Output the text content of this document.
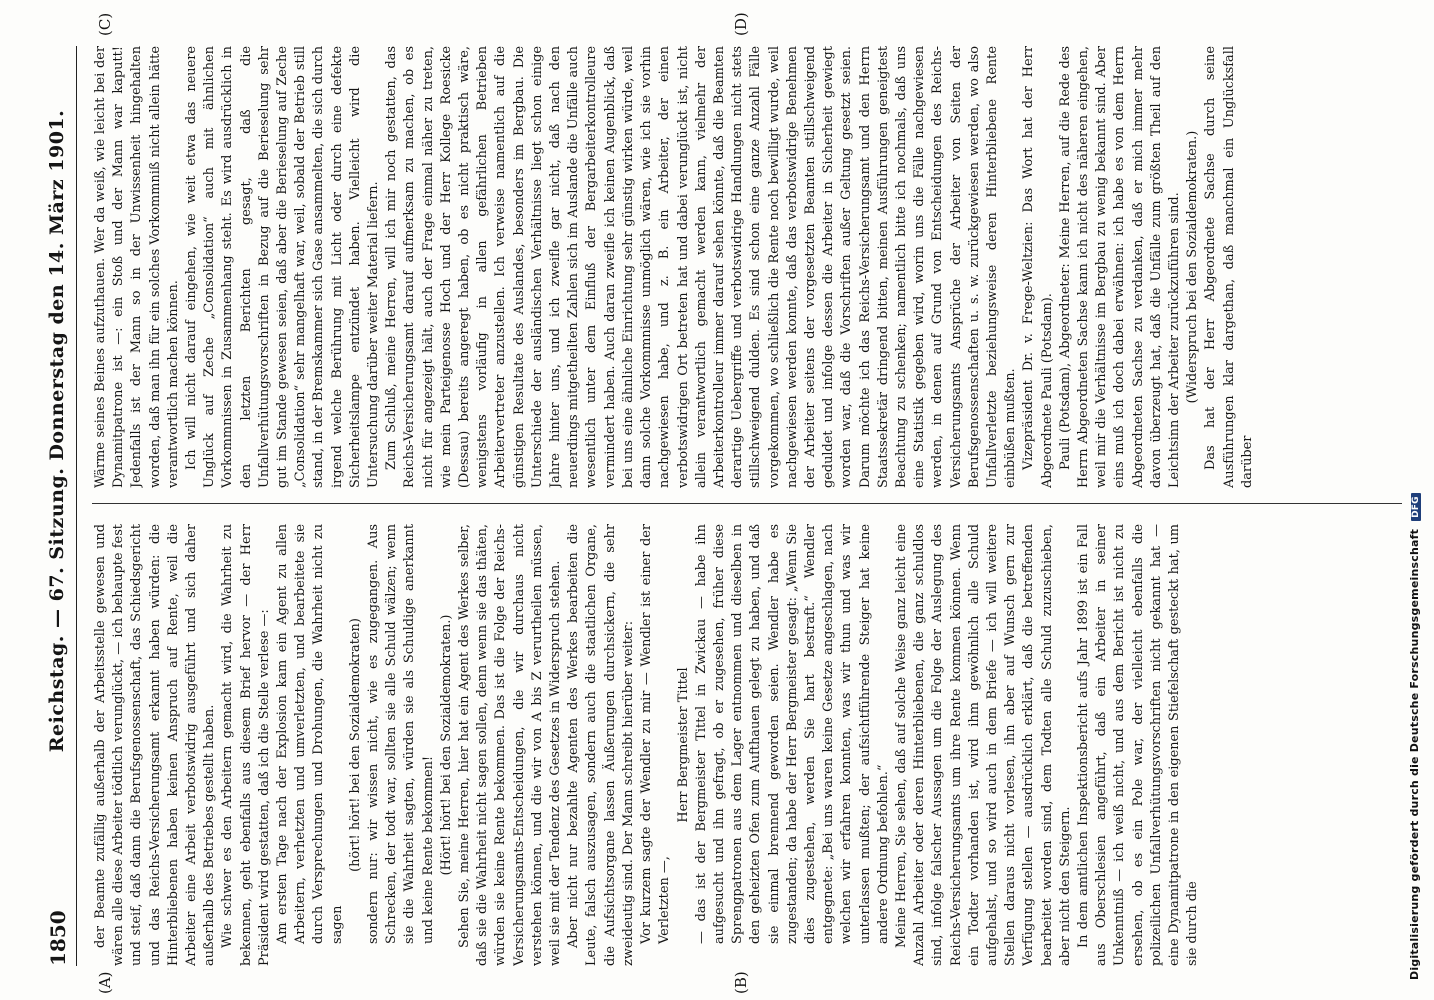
1850
Reichstag. — 67. Sitzung. Donnerstag den 14. März 1901.
(A)	(B)
(C)	(D)

der Beamte zufällig außerhalb der Arbeitsstelle gewesen und wären alle diese Arbeiter tödtlich verunglückt, — ich behaupte fest und steif, daß dann die Berufsgenossenschaft, das Schiedsgericht und das Reichs-Versicherungsamt erkannt haben würden: die Hinterbliebenen haben keinen Anspruch auf Rente, weil die Arbeiter eine Arbeit verbotswidrig ausgeführt und sich daher außerhalb des Betriebes gestellt haben. Wie schwer es den Arbeitern gemacht wird, die Wahrheit zu bekennen, geht ebenfalls aus diesem Brief hervor — der Herr Präsident wird gestatten, daß ich die Stelle verlese —: Am ersten Tage nach der Explosion kam ein Agent zu allen Arbeitern, verhetzten und umverletzten, und bearbeitete sie durch Versprechungen und Drohungen, die Wahrheit nicht zu sagen

(hört! hört! bei den Sozialdemokraten) sondern nur: wir wissen nicht, wie es zugegangen. Aus Schrecken, der todt war, sollten sie alle Schuld wälzen; wenn sie die Wahrheit sagten, würden sie als Schuldige anerkannt und keine Rente bekommen! (Hört! hört! bei den Sozialdemokraten.) Sehen Sie, meine Herren, hier hat ein Agent des Werkes selber, daß sie die Wahrheit nicht sagen sollen, denn wenn sie das thäten, würden sie keine Rente bekommen. Das ist die Folge der Reichs-Versicherungsamts-Entscheidungen, die wir durchaus nicht verstehen können, und die wir von A bis Z verurtheilen müssen, weil sie mit der Tendenz des Gesetzes in Widerspruch stehen. Aber nicht nur bezahlte Agenten des Werkes bearbeiten die Leute, falsch auszusagen, sondern auch die staatlichen Organe, die Aufsichtsorgane lassen Äußerungen durchsickern, die sehr zweideutig sind. Der Mann schreibt hierüber weiter: Vor kurzem sagte der Wendler zu mir — Wendler ist einer der Verletzten —,

Herr Bergmeister Tittel — das ist der Bergmeister Tittel in Zwickau — habe ihn aufgesucht und ihn gefragt, ob er zugesehen, früher diese Sprengpatronen aus dem Lager entnommen und dieselben in den geheizten Ofen zum Aufthauen gelegt zu haben, und daß sie einmal brennend geworden seien. Wendler habe es zugestanden; da habe der Herr Bergmeister gesagt: „Wenn Sie dies zugestehen, werden Sie hart bestraft.“ Wendler entgegnete: „Bei uns waren keine Gesetze angeschlagen, nach welchen wir erfahren konnten, was wir thun und was wir unterlassen mußten; der aufsichtführende Steiger hat keine andere Ordnung befohlen.“ Meine Herren, Sie sehen, daß auf solche Weise ganz leicht eine Anzahl Arbeiter oder deren Hinterbliebenen, die ganz schuldlos sind, infolge falscher Aussagen um die Folge der Auslegung des Reichs-Versicherungsamts um ihre Rente kommen können. Wenn ein Todter vorhanden ist, wird ihm gewöhnlich alle Schuld aufgehalst, und so wird auch in dem Briefe — ich will weitere Stellen daraus nicht vorlesen, ihn aber auf Wunsch gern zur Verfügung stellen — ausdrücklich erklärt, daß die betreffenden bearbeitet worden sind, dem Todten alle Schuld zuzuschieben, aber nicht den Steigern. In dem amtlichen Inspektionsbericht aufs Jahr 1899 ist ein Fall aus Oberschlesien angeführt, daß ein Arbeiter in seiner Unkenntniß — ich weiß nicht, und aus dem Bericht ist nicht zu ersehen, ob es ein Pole war, der vielleicht ebenfalls die polizeilichen Unfallverhütungsvorschriften nicht gekannt hat — eine Dynamitpatrone in den eigenen Stiefelschaft gesteckt hat, um sie durch die

Wärme seines Beines aufzuthauen. Wer da weiß, wie leicht bei der Dynamitpatrone ist —: ein Stoß und der Mann war kaputt! Jedenfalls ist der Mann so in der Unwissenheit hingehalten worden, daß man ihn für ein solches Vorkommniß nicht allein hätte verantwortlich machen können. Ich will nicht darauf eingehen, wie weit etwa das neuere Unglück auf Zeche „Consolidation“ auch mit ähnlichen Vorkommnissen in Zusammenhang steht. Es wird ausdrücklich in den letzten Berichten gesagt, daß die Unfallverhütungsvorschriften in Bezug auf die Berieselung sehr gut im Stande gewesen seien, daß aber die Berieselung auf Zeche „Consolidation“ sehr mangelhaft war, weil, sobald der Betrieb still stand, in der Bremskammer sich Gase ansammelten, die sich durch irgend welche Berührung mit Licht oder durch eine defekte Sicherheitslampe entzündet haben. Vielleicht wird die Untersuchung darüber weiter Material liefern. Zum Schluß, meine Herren, will ich mir noch gestatten, das Reichs-Versicherungsamt darauf aufmerksam zu machen, ob es nicht für angezeigt hält, auch der Frage einmal näher zu treten, wie mein Parteigenosse Hoch und der Herr Kollege Roesicke (Dessau) bereits angeregt haben, ob es nicht praktisch wäre, wenigstens vorläufig in allen gefährlichen Betrieben Arbeitervertreter anzustellen. Ich verweise namentlich auf die günstigen Resultate des Auslandes, besonders im Bergbau. Die Unterschiede der ausländischen Verhältnisse liegt schon einige Jahre hinter uns, und ich zweifle gar nicht, daß nach den neuerdings mitgetheilten Zahlen sich im Auslande die Unfälle auch wesentlich unter dem Einfluß der Bergarbeiterkontrolleure vermindert haben. Auch daran zweifle ich keinen Augenblick, daß bei uns eine ähnliche Einrichtung sehr günstig wirken würde, weil dann solche Vorkommnisse unmöglich wären, wie ich sie vorhin nachgewiesen habe, und z. B. ein Arbeiter, der einen verbotswidrigen Ort betreten hat und dabei verunglückt ist, nicht allein verantwortlich gemacht werden kann, vielmehr der Arbeiterkontrolleur immer darauf sehen könnte, daß die Beamten derartige Uebergriffe und verbotswidrige Handlungen nicht stets stillschweigend dulden. Es sind schon eine ganze Anzahl Fälle vorgekommen, wo schließlich die Rente noch bewilligt wurde, weil nachgewiesen werden konnte, daß das verbotswidrige Benehmen der Arbeiter seitens der vorgesetzten Beamten stillschweigend geduldet und infolge dessen die Arbeiter in Sicherheit gewiegt worden war, daß die Vorschriften außer Geltung gesetzt seien. Darum möchte ich das Reichs-Versicherungsamt und den Herrn Staatssekretär dringend bitten, meinen Ausführungen geneigtest Beachtung zu schenken; namentlich bitte ich nochmals, daß uns eine Statistik gegeben wird, worin uns die Fälle nachgewiesen werden, in denen auf Grund von Entscheidungen des Reichs-Versicherungsamts Ansprüche der Arbeiter von Seiten der Berufsgenossenschaften u. s. w. zurückgewiesen werden, wo also Unfallverletzte beziehungsweise deren Hinterbliebene Rente einbüßen mußten. Vizepräsident Dr. v. Frege-Weltzien: Das Wort hat der Herr Abgeordnete Pauli (Potsdam). Pauli (Potsdam), Abgeordneter: Meine Herren, auf die Rede des Herrn Abgeordneten Sachse kann ich nicht des näheren eingehen, weil mir die Verhältnisse im Bergbau zu wenig bekannt sind. Aber eins muß ich doch dabei erwähnen: ich habe es von dem Herrn Abgeordneten Sachse zu verdanken, daß er mich immer mehr davon überzeugt hat, daß die Unfälle zum größten Theil auf den Leichtsinn der Arbeiter zurückzuführen sind. (Widerspruch bei den Sozialdemokraten.) Das hat der Herr Abgeordnete Sachse durch seine Ausführungen klar dargethan, daß manchmal ein Unglücksfall darüber

Digitalisierung gefördert durch die Deutsche Forschungsgemeinschaft DFG
